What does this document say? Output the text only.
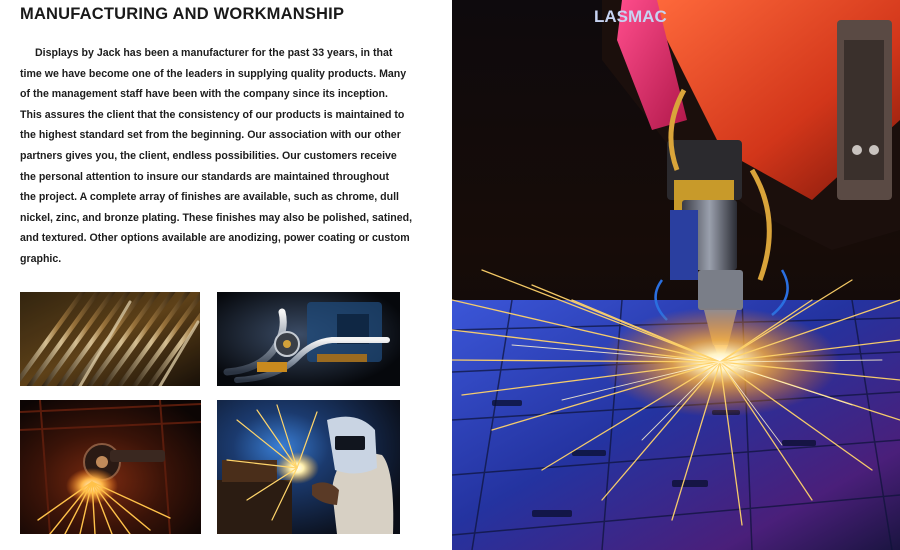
MANUFACTURING AND WORKMANSHIP
Displays by Jack has been a manufacturer for the past 33 years, in that
time we have become one of the leaders in supplying quality products. Many
of the management staff have been with the company since its inception.
This assures the client that the consistency of our products is maintained to
the highest standard set from the beginning. Our association with our other
partners gives you, the client, endless possibilities. Our customers receive
the personal attention to insure our standards are maintained throughout
the project. A complete array of finishes are available, such as chrome, dull
nickel, zinc, and bronze plating. These finishes may also be polished, satined,
and textured. Other options available are anodizing, power coating or custom
graphic.
LASMAC
